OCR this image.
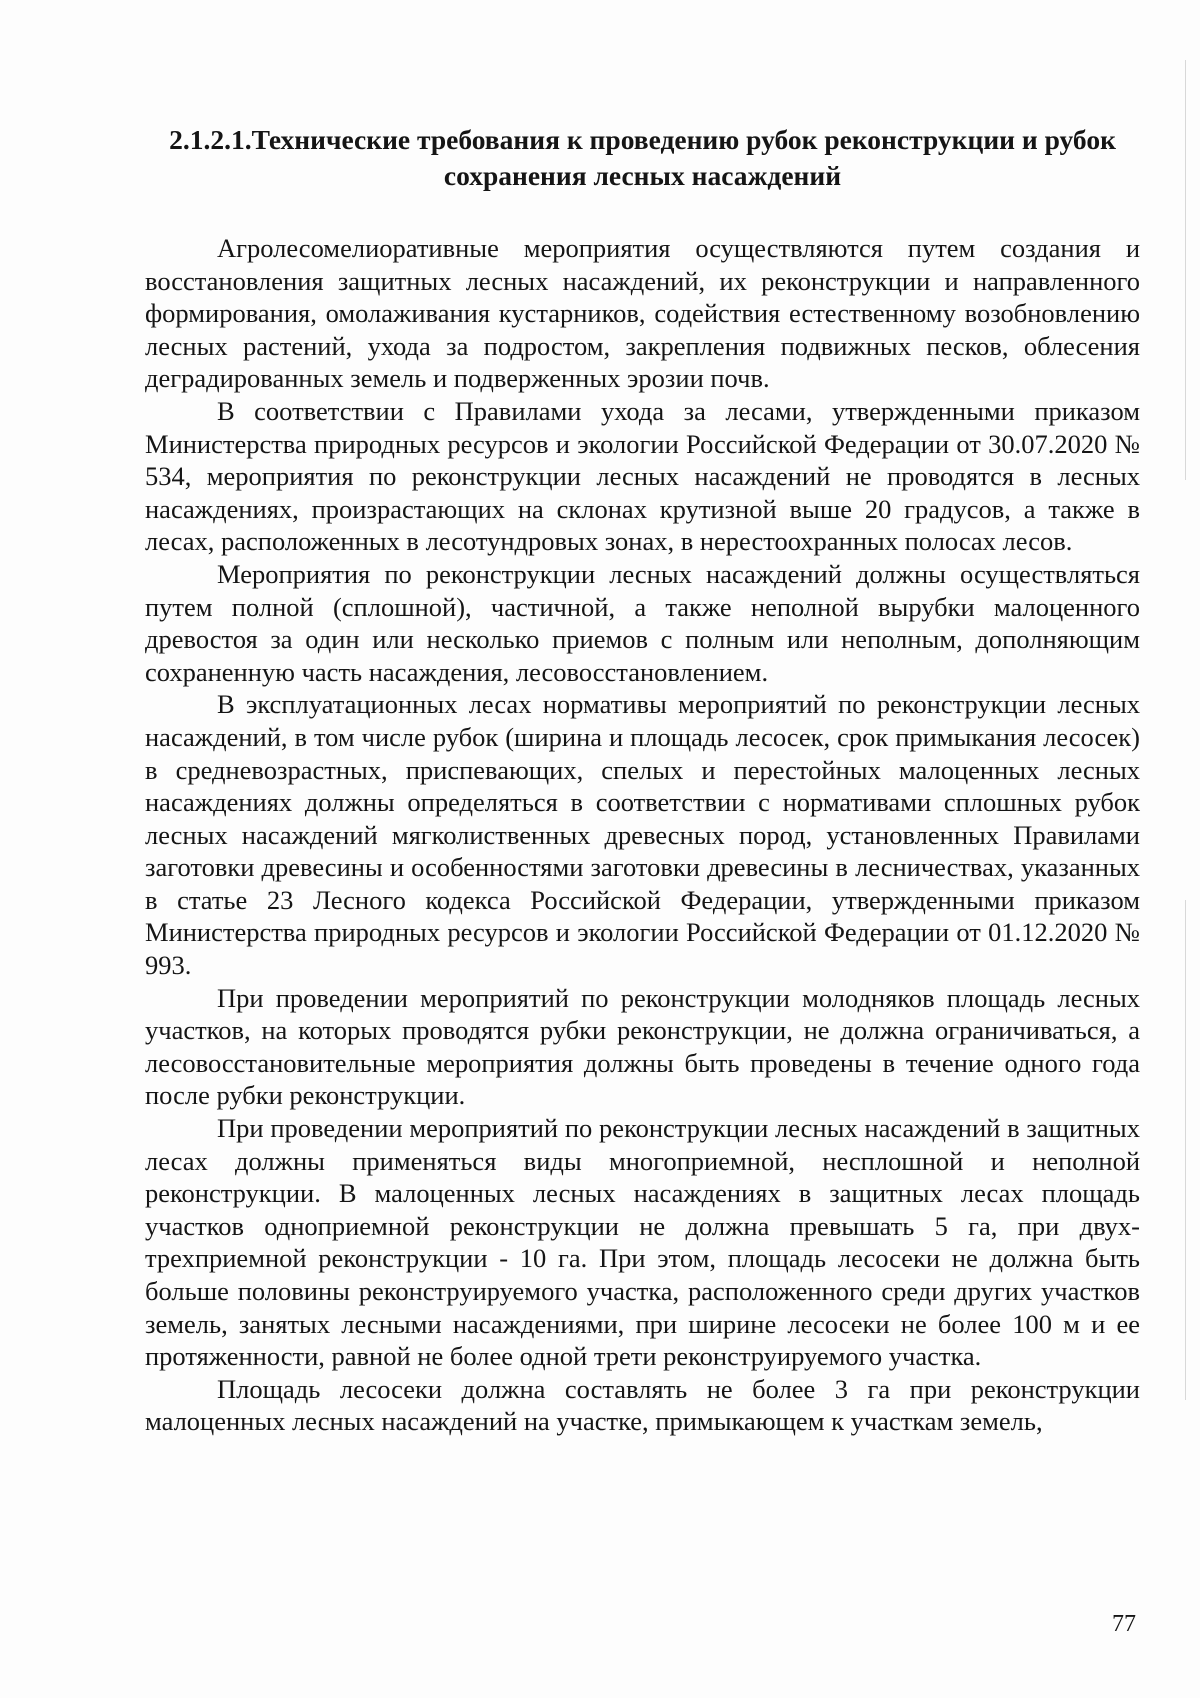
2.1.2.1.Технические требования к проведению рубок реконструкции и рубок сохранения лесных насаждений

Агролесомелиоративные мероприятия осуществляются путем создания и восстановления защитных лесных насаждений, их реконструкции и направленного формирования, омолаживания кустарников, содействия естественному возобновлению лесных растений, ухода за подростом, закрепления подвижных песков, облесения деградированных земель и подверженных эрозии почв.

В соответствии с Правилами ухода за лесами, утвержденными приказом Министерства природных ресурсов и экологии Российской Федерации от 30.07.2020 № 534, мероприятия по реконструкции лесных насаждений не проводятся в лесных насаждениях, произрастающих на склонах крутизной выше 20 градусов, а также в лесах, расположенных в лесотундровых зонах, в нерестоохранных полосах лесов.

Мероприятия по реконструкции лесных насаждений должны осуществляться путем полной (сплошной), частичной, а также неполной вырубки малоценного древостоя за один или несколько приемов с полным или неполным, дополняющим сохраненную часть насаждения, лесовосстановлением.

В эксплуатационных лесах нормативы мероприятий по реконструкции лесных насаждений, в том числе рубок (ширина и площадь лесосек, срок примыкания лесосек) в средневозрастных, приспевающих, спелых и перестойных малоценных лесных насаждениях должны определяться в соответствии с нормативами сплошных рубок лесных насаждений мягколиственных древесных пород, установленных Правилами заготовки древесины и особенностями заготовки древесины в лесничествах, указанных в статье 23 Лесного кодекса Российской Федерации, утвержденными приказом Министерства природных ресурсов и экологии Российской Федерации от 01.12.2020 № 993.

При проведении мероприятий по реконструкции молодняков площадь лесных участков, на которых проводятся рубки реконструкции, не должна ограничиваться, а лесовосстановительные мероприятия должны быть проведены в течение одного года после рубки реконструкции.

При проведении мероприятий по реконструкции лесных насаждений в защитных лесах должны применяться виды многоприемной, несплошной и неполной реконструкции. В малоценных лесных насаждениях в защитных лесах площадь участков одноприемной реконструкции не должна превышать 5 га, при двух-трехприемной реконструкции - 10 га. При этом, площадь лесосеки не должна быть больше половины реконструируемого участка, расположенного среди других участков земель, занятых лесными насаждениями, при ширине лесосеки не более 100 м и ее протяженности, равной не более одной трети реконструируемого участка.

Площадь лесосеки должна составлять не более 3 га при реконструкции малоценных лесных насаждений на участке, примыкающем к участкам земель,

77
